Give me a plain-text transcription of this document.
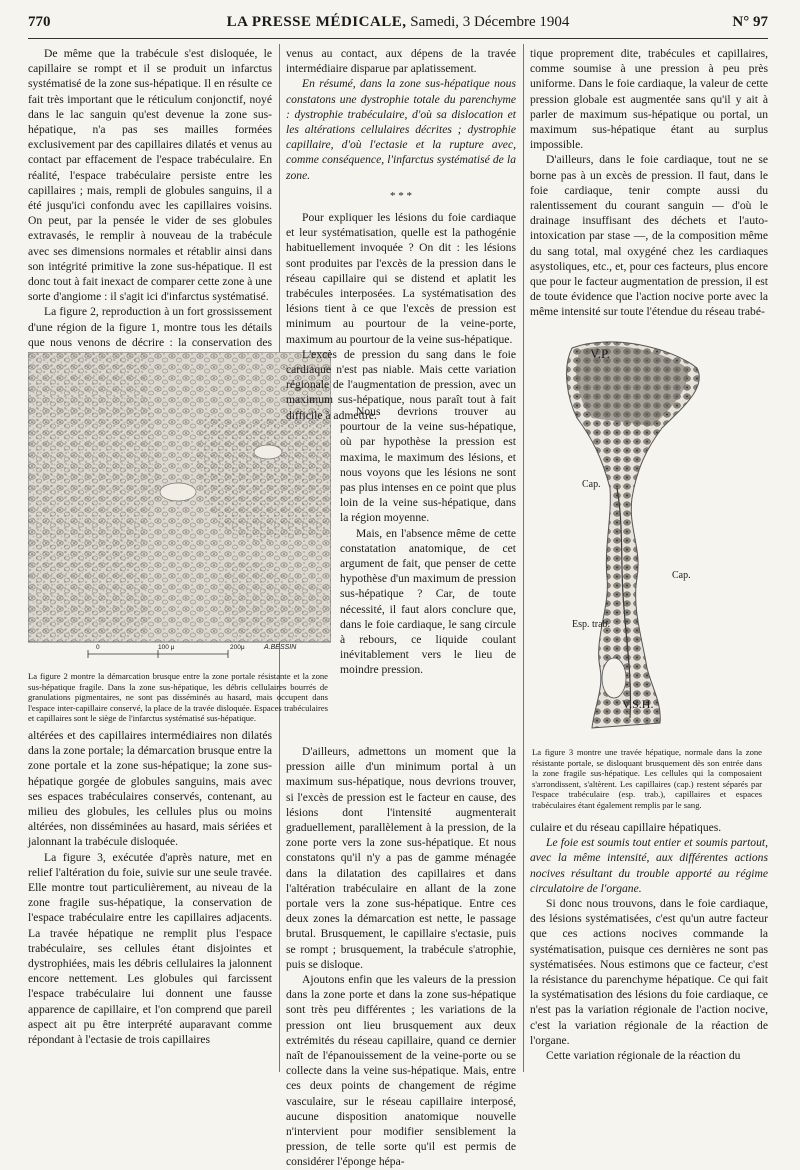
770	LA PRESSE MÉDICALE, Samedi, 3 Décembre 1904	N° 97

De même que la trabécule s'est disloquée, le capillaire se rompt et il se produit un infarctus systématisé de la zone sus-hépatique. Il en résulte ce fait très important que le réticulum conjonctif, noyé dans le lac sanguin qu'est devenue la zone sus-hépatique, n'a pas ses mailles formées exclusivement par des capillaires dilatés et venus au contact par effacement de l'espace trabéculaire. En réalité, l'espace trabéculaire persiste entre les capillaires ; mais, rempli de globules sanguins, il a été jusqu'ici confondu avec les capillaires voisins. On peut, par la pensée le vider de ses globules extravasés, le remplir à nouveau de la trabécule avec ses dimensions normales et rétablir ainsi dans son intégrité primitive la zone sus-hépatique. Il est donc tout à fait inexact de comparer cette zone à une sorte d'angiome : il s'agit ici d'infarctus systématisé.

La figure 2, reproduction à un fort grossissement d'une région de la figure 1, montre tous les détails que nous venons de décrire : la conservation des

0	100 μ	200μ	A.BESSIN
La figure 2 montre la démarcation brusque entre la zone portale résistante et la zone sus-hépatique fragile. Dans la zone sus-hépatique, les débris cellulaires bourrés de granulations pigmentaires, ne sont pas disséminés au hasard, mais occupent dans l'espace inter-capillaire conservé, la place de la travée disloquée. Espaces trabéculaires et capillaires sont le siège de l'infarctus systématisé sus-hépatique.

altérées et des capillaires intermédiaires non dilatés dans la zone portale; la démarcation brusque entre la zone portale et la zone sus-hépatique; la zone sus-hépatique gorgée de globules sanguins, mais avec ses espaces trabéculaires conservés, contenant, au milieu des globules, les cellules plus ou moins altérées, non disséminées au hasard, mais sériées et jalonnant la trabécule disloquée.

La figure 3, exécutée d'après nature, met en relief l'altération du foie, suivie sur une seule travée. Elle montre tout particulièrement, au niveau de la zone fragile sus-hépatique, la conservation de l'espace trabéculaire entre les capillaires adjacents. La travée hépatique ne remplit plus l'espace trabéculaire, ses cellules étant disjointes et dystrophiées, mais les débris cellulaires la jalonnent encore nettement. Les globules qui farcissent l'espace trabéculaire lui donnent une fausse apparence de capillaire, et l'on comprend que pareil aspect ait pu être interprété auparavant comme répondant à l'ectasie de trois capillaires

venus au contact, aux dépens de la travée intermédiaire disparue par aplatissement.

En résumé, dans la zone sus-hépatique nous constatons une dystrophie totale du parenchyme : dystrophie trabéculaire, d'où sa dislocation et les altérations cellulaires décrites ; dystrophie capillaire, d'où l'ectasie et la rupture avec, comme conséquence, l'infarctus systématisé de la zone.

* * *

Pour expliquer les lésions du foie cardiaque et leur systématisation, quelle est la pathogénie habituellement invoquée ? On dit : les lésions sont produites par l'excès de la pression dans le réseau capillaire qui se distend et aplatit les trabécules interposées. La systématisation des lésions tient à ce que l'excès de pression est minimum au pourtour de la veine-porte, maximum au pourtour de la veine sus-hépatique.

L'excès de pression du sang dans le foie cardiaque n'est pas niable. Mais cette variation régionale de l'augmentation de pression, avec un maximum sus-hépatique, nous paraît tout à fait difficile à admettre.

Nous devrions trouver au pourtour de la veine sus-hépatique, où par hypothèse la pression est maxima, le maximum des lésions, et nous voyons que les lésions ne sont pas plus intenses en ce point que plus loin de la veine sus-hépatique, dans la région moyenne.

Mais, en l'absence même de cette constatation anatomique, de cet argument de fait, que penser de cette hypothèse d'un maximum de pression sus-hépatique ? Car, de toute nécessité, il faut alors conclure que, dans le foie cardiaque, le sang circule à rebours, ce liquide coulant inévitablement vers le lieu de moindre pression.

D'ailleurs, admettons un moment que la pression aille d'un minimum portal à un maximum sus-hépatique, nous devrions trouver, si l'excès de pression est le facteur en cause, des lésions dont l'intensité augmenterait graduellement, parallèlement à la pression, de la zone porte vers la zone sus-hépatique. Et nous constatons qu'il n'y a pas de gamme ménagée dans la dilatation des capillaires et dans l'altération trabéculaire en allant de la zone portale vers la zone sus-hépatique. Entre ces deux zones la démarcation est nette, le passage brutal. Brusquement, le capillaire s'ectasie, puis se rompt ; brusquement, la trabécule s'atrophie, puis se disloque.

Ajoutons enfin que les valeurs de la pression dans la zone porte et dans la zone sus-hépatique sont très peu différentes ; les variations de la pression ont lieu brusquement aux deux extrémités du réseau capillaire, quand ce dernier naît de l'épanouissement de la veine-porte ou se collecte dans la veine sus-hépatique. Mais, entre ces deux points de changement de régime vasculaire, sur le réseau capillaire interposé, aucune disposition anatomique nouvelle n'intervient pour modifier sensiblement la pression, de telle sorte qu'il est permis de considérer l'éponge hépa-

tique proprement dite, trabécules et capillaires, comme soumise à une pression à peu près uniforme. Dans le foie cardiaque, la valeur de cette pression globale est augmentée sans qu'il y ait à parler de maximum sus-hépatique ou portal, un maximum sus-hépatique étant au surplus impossible.

D'ailleurs, dans le foie cardiaque, tout ne se borne pas à un excès de pression. Il faut, dans le foie cardiaque, tenir compte aussi du ralentissement du courant sanguin — d'où le drainage insuffisant des déchets et l'auto-intoxication par stase —, de la composition même du sang total, mal oxygéné chez les cardiaques asystoliques, etc., et, pour ces facteurs, plus encore que pour le facteur augmentation de pression, il est de toute évidence que l'action nocive porte avec la même intensité sur toute l'étendue du réseau trabé-

V.P.
Cap.
Cap.
Esp. trab.
V.S.H.
La figure 3 montre une travée hépatique, normale dans la zone résistante portale, se disloquant brusquement dès son entrée dans la zone fragile sus-hépatique. Les cellules qui la composaient s'arrondissent, s'altèrent. Les capillaires (cap.) restent séparés par l'espace trabéculaire (esp. trab.), capillaires et espaces trabéculaires étant également remplis par le sang.

culaire et du réseau capillaire hépatiques.

Le foie est soumis tout entier et soumis partout, avec la même intensité, aux différentes actions nocives résultant du trouble apporté au régime circulatoire de l'organe.

Si donc nous trouvons, dans le foie cardiaque, des lésions systématisées, c'est qu'un autre facteur que ces actions nocives commande la systématisation, puisque ces dernières ne sont pas systématisées. Nous estimons que ce facteur, c'est la résistance du parenchyme hépatique. Ce qui fait la systématisation des lésions du foie cardiaque, ce n'est pas la variation régionale de l'action nocive, c'est la variation régionale de la réaction de l'organe.

Cette variation régionale de la réaction du
